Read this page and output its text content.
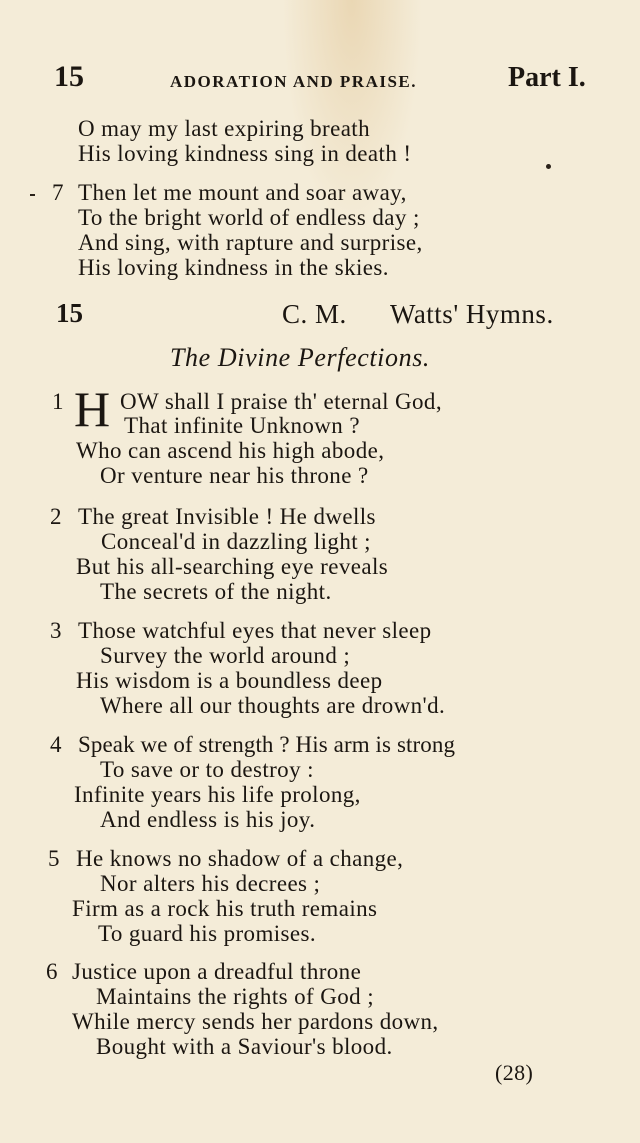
15	ADORATION AND PRAISE.	Part I.
O may my last expiring breath
His loving kindness sing in death !
7 Then let me mount and soar away,
To the bright world of endless day ;
And sing, with rapture and surprise,
His loving kindness in the skies.
15	C. M. Watts' Hymns.
The Divine Perfections.
1 H OW shall I praise th' eternal God,
That infinite Unknown ?
Who can ascend his high abode,
Or venture near his throne ?
2 The great Invisible ! He dwells
Conceal'd in dazzling light ;
But his all-searching eye reveals
The secrets of the night.
3 Those watchful eyes that never sleep
Survey the world around ;
His wisdom is a boundless deep
Where all our thoughts are drown'd.
4 Speak we of strength ? His arm is strong
To save or to destroy :
Infinite years his life prolong,
And endless is his joy.
5 He knows no shadow of a change,
Nor alters his decrees ;
Firm as a rock his truth remains
To guard his promises.
6 Justice upon a dreadful throne
Maintains the rights of God ;
While mercy sends her pardons down,
Bought with a Saviour's blood.
(28)
